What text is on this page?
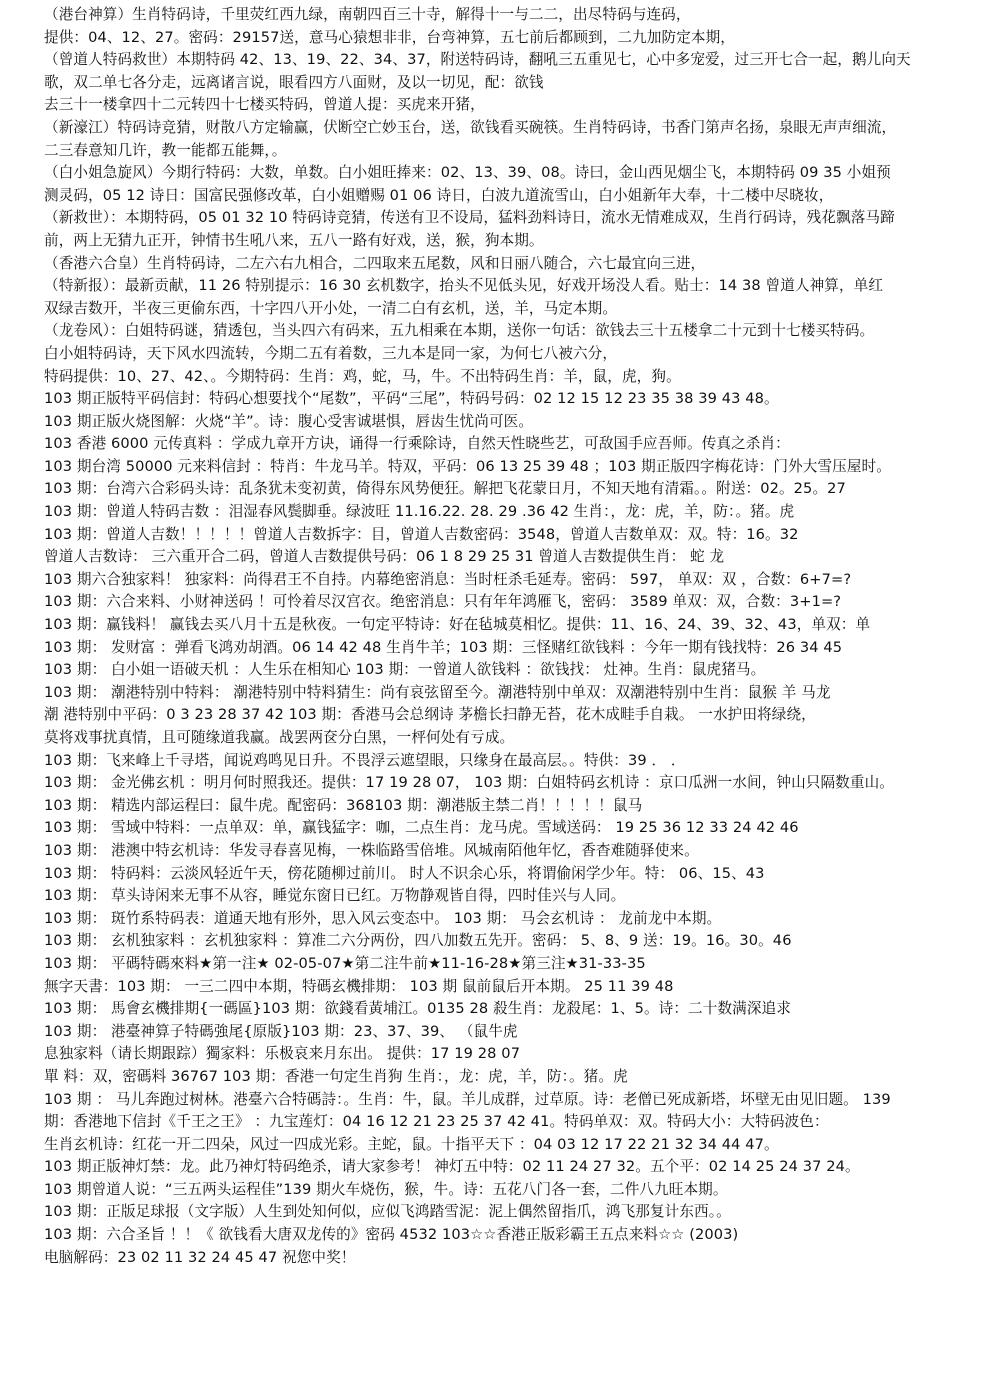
（港台神算）生肖特码诗，千里荧红西九绿，南朝四百三十寺，解得十一与二二，出尽特码与连码，
提供：04、12、27。密码：29157送，意马心猿想非非，台弯神算，五七前后都顾到，二九加防定本期，
（曾道人特码救世）本期特码 42、13、19、22、34、37，附送特码诗，翻吼三五重见七，心中多宠爱，过三开七合一起，鹅儿向天
歌，双二单七各分走，远离诸言说，眼看四方八面财，及以一切见，配：欲钱
去三十一楼拿四十二元转四十七楼买特码，曾道人提：买虎来开猪，
（新濠江）特码诗竞猜，财散八方定输赢，伏断空亡妙玉台，送，欲钱看买碗筷。生肖特码诗，书香门第声名扬，泉眼无声声细流，
二三春意知几许，教一能都五能舞，。
（白小姐急旋风）今期行特码：大数，单数。白小姐旺捧来：02、13、39、08。诗曰，金山西见烟尘飞，本期特码 09 35 小姐预
测灵码，05 12 诗日：国富民强修改革，白小姐赠赐 01 06 诗日，白波九道流雪山，白小姐新年大奉，十二楼中尽晓妆，
（新救世）：本期特码，05 01 32 10 特码诗竞猜，传送有卫不设局，猛料劲料诗日，流水无情难成双，生肖行码诗，残花飘落马蹄
前，两上无猜九正开，钟情书生吼八来，五八一路有好戏，送，猴，狗本期。
（香港六合皇）生肖特码诗，二左六右九相合，二四取来五尾数，风和日丽八随合，六七最宜向三进，
（特新报）：最新贡献，11 26 特别提示：16 30 玄机数字，抬头不见低头见，好戏开场没人看。贴士：14 38 曾道人神算，单红
双绿吉数开，半夜三更偷东西，十字四八开小处，一清二白有玄机，送，羊，马定本期。
（龙卷风）：白姐特码谜，猜透包，当头四六有码来，五九相乘在本期，送你一句话：欲钱去三十五楼拿二十元到十七楼买特码。
白小姐特码诗，天下风水四流转，今期二五有着数，三九本是同一家，为何七八被六分，
特码提供：10、27、42、。今期特码：生肖：鸡，蛇，马，牛。不出特码生肖：羊，鼠，虎，狗。
103 期正版特平码信封：特码心想要找个“尾数”，平码“三尾”，特码号码：02 12 15 12 23 35 38 39 43 48。
103 期正版火烧图解：火烧“羊”。诗：腹心受害诚堪惧，唇齿生忧尚可医。
103 香港 6000 元传真料 ：学成九章开方诀，诵得一行乘除诗，自然天性晓些艺，可敌国手应吾师。传真之杀肖：
103 期台湾 50000 元来料信封 ：特肖：牛龙马羊。特双，平码：06 13 25 39 48 ；103 期正版四字梅花诗：门外大雪压屋时。
103 期：台湾六合彩码头诗：乱条犹未变初黄，倚得东风势便狂。解把飞花蒙日月，不知天地有清霜。。附送：02。25。27
103 期：曾道人特码吉数 ：泪湿春风鬓脚垂。绿波旺 11.16.22. 28. 29 .36 42 生肖：，龙：虎，羊，防：。猪。虎
103 期：曾道人吉数！！！！！曾道人吉数拆字：目，曾道人吉数密码：3548，曾道人吉数单双：双。特：16。32
曾道人吉数诗： 三六重开合二码，曾道人吉数提供号码：06 1 8 29 25 31 曾道人吉数提供生肖： 蛇 龙
103 期六合独家料！ 独家料：尚得君王不自持。内幕绝密消息：当时枉杀毛延寿。密码： 597， 单双：双 ，合数：6+7=?
103 期：六合来料、小财神送码 ！可怜着尽汉宫衣。绝密消息：只有年年鸿雁飞，密码： 3589 单双：双，合数：3+1=?
103 期：赢钱料！ 赢钱去买八月十五是秋夜。一句定平特诗：好在毡城莫相忆。提供：11、16、24、39、32、43，单双：单
103 期： 发财富 ：弹看飞鸿劝胡酒。06 14 42 48 生肖牛羊；103 期：三怪赌红欲钱料 ：今年一期有钱找特：26 34 45
103 期： 白小姐一语破天机 ：人生乐在相知心 103 期：一曾道人欲钱料 ：欲钱找： 灶神。生肖：鼠虎猪马。
103 期： 潮港特别中特料： 潮港特别中特料猜生：尚有哀弦留至今。潮港特别中单双：双潮港特别中生肖：鼠猴 羊 马龙
潮 港特别中平码：0 3 23 28 37 42 103 期：香港马会总纲诗 茅檐长扫静无苔，花木成畦手自栽。 一水护田将绿绕，
莫将戏事扰真情，且可随缘道我赢。战罢两奁分白黑，一枰何处有亏成。
103 期：飞来峰上千寻塔，闻说鸡鸣见日升。不畏浮云遮望眼，只缘身在最高层。。特供：39 ． ．
103 期： 金光佛玄机 ：明月何时照我还。提供：17 19 28 07， 103 期：白姐特码玄机诗 ：京口瓜洲一水间，钟山只隔数重山。
103 期： 精选内部运程曰：鼠牛虎。配密码：368103 期：潮港版主禁二肖！！！！！鼠马
103 期： 雪域中特料：一点单双：单，赢钱猛字：咖，二点生肖：龙马虎。雪域送码： 19 25 36 12 33 24 42 46
103 期： 港澳中特玄机诗：华发寻春喜见梅，一株临路雪倍堆。风城南陌他年忆，香杳难随驿使来。
103 期： 特码料：云淡风轻近午天，傍花随柳过前川。 时人不识余心乐，将谓偷闲学少年。特： 06、15、43
103 期： 草头诗闲来无事不从容，睡觉东窗日已红。万物静观皆自得，四时佳兴与人同。
103 期： 斑竹系特码表：道通天地有形外，思入风云变态中。 103 期： 马会玄机诗 ： 龙前龙中本期。
103 期： 玄机独家料 ：玄机独家料 ：算准二六分两份，四八加数五先开。密码： 5、8、9 送：19。16。30。46
103 期： 平碼特碼來料★第一注★ 02-05-07★第二注牛前★11-16-28★第三注★31-33-35
無字天書：103 期： 一三二四中本期，特碼玄機排期： 103 期 鼠前鼠后开本期。 25 11 39 48
103 期： 馬會玄機排期{一碼區}103 期：欲錢看黃埔江。0135 28 殺生肖：龙殺尾：1、5。诗：二十数满深追求
103 期： 港臺神算子特碼強尾{原版}103 期：23、37、39、 （鼠牛虎
息独家料（请长期跟踪）獨家料：乐极哀来月东出。 提供：17 19 28 07
單 料：双，密碼料 36767 103 期：香港一句定生肖狗 生肖：，龙：虎，羊，防：。猪。虎
103 期 ： 马儿奔跑过树林。港臺六合特碼詩：。生肖：牛，鼠。羊儿成群，过草原。诗：老僧已死成新塔，坏壁无由见旧题。 139
期：香港地下信封《千王之王》 ：九宝莲灯：04 16 12 21 23 25 37 42 41。特码单双：双。特码大小：大特码波色：
生肖玄机诗：红花一开二四朵，风过一四成光彩。主蛇，鼠。十指平天下 ：04 03 12 17 22 21 32 34 44 47。
103 期正版神灯禁：龙。此乃神灯特码绝杀，请大家参考！ 神灯五中特：02 11 24 27 32。五个平：02 14 25 24 37 24。
103 期曾道人说：“三五两头运程佳”139 期火车烧伤，猴，牛。诗：五花八门各一套，二件八九旺本期。
103 期：正版足球报（文字版）人生到处知何似，应似飞鸿踏雪泥：泥上偶然留指爪，鸿飞那复计东西。。
103 期：六合圣旨 ！！《 欲钱看大唐双龙传的》密码 4532 103☆☆香港正版彩霸王五点来料☆☆ (2003)
电脑解码：23 02 11 32 24 45 47 祝您中奖！
